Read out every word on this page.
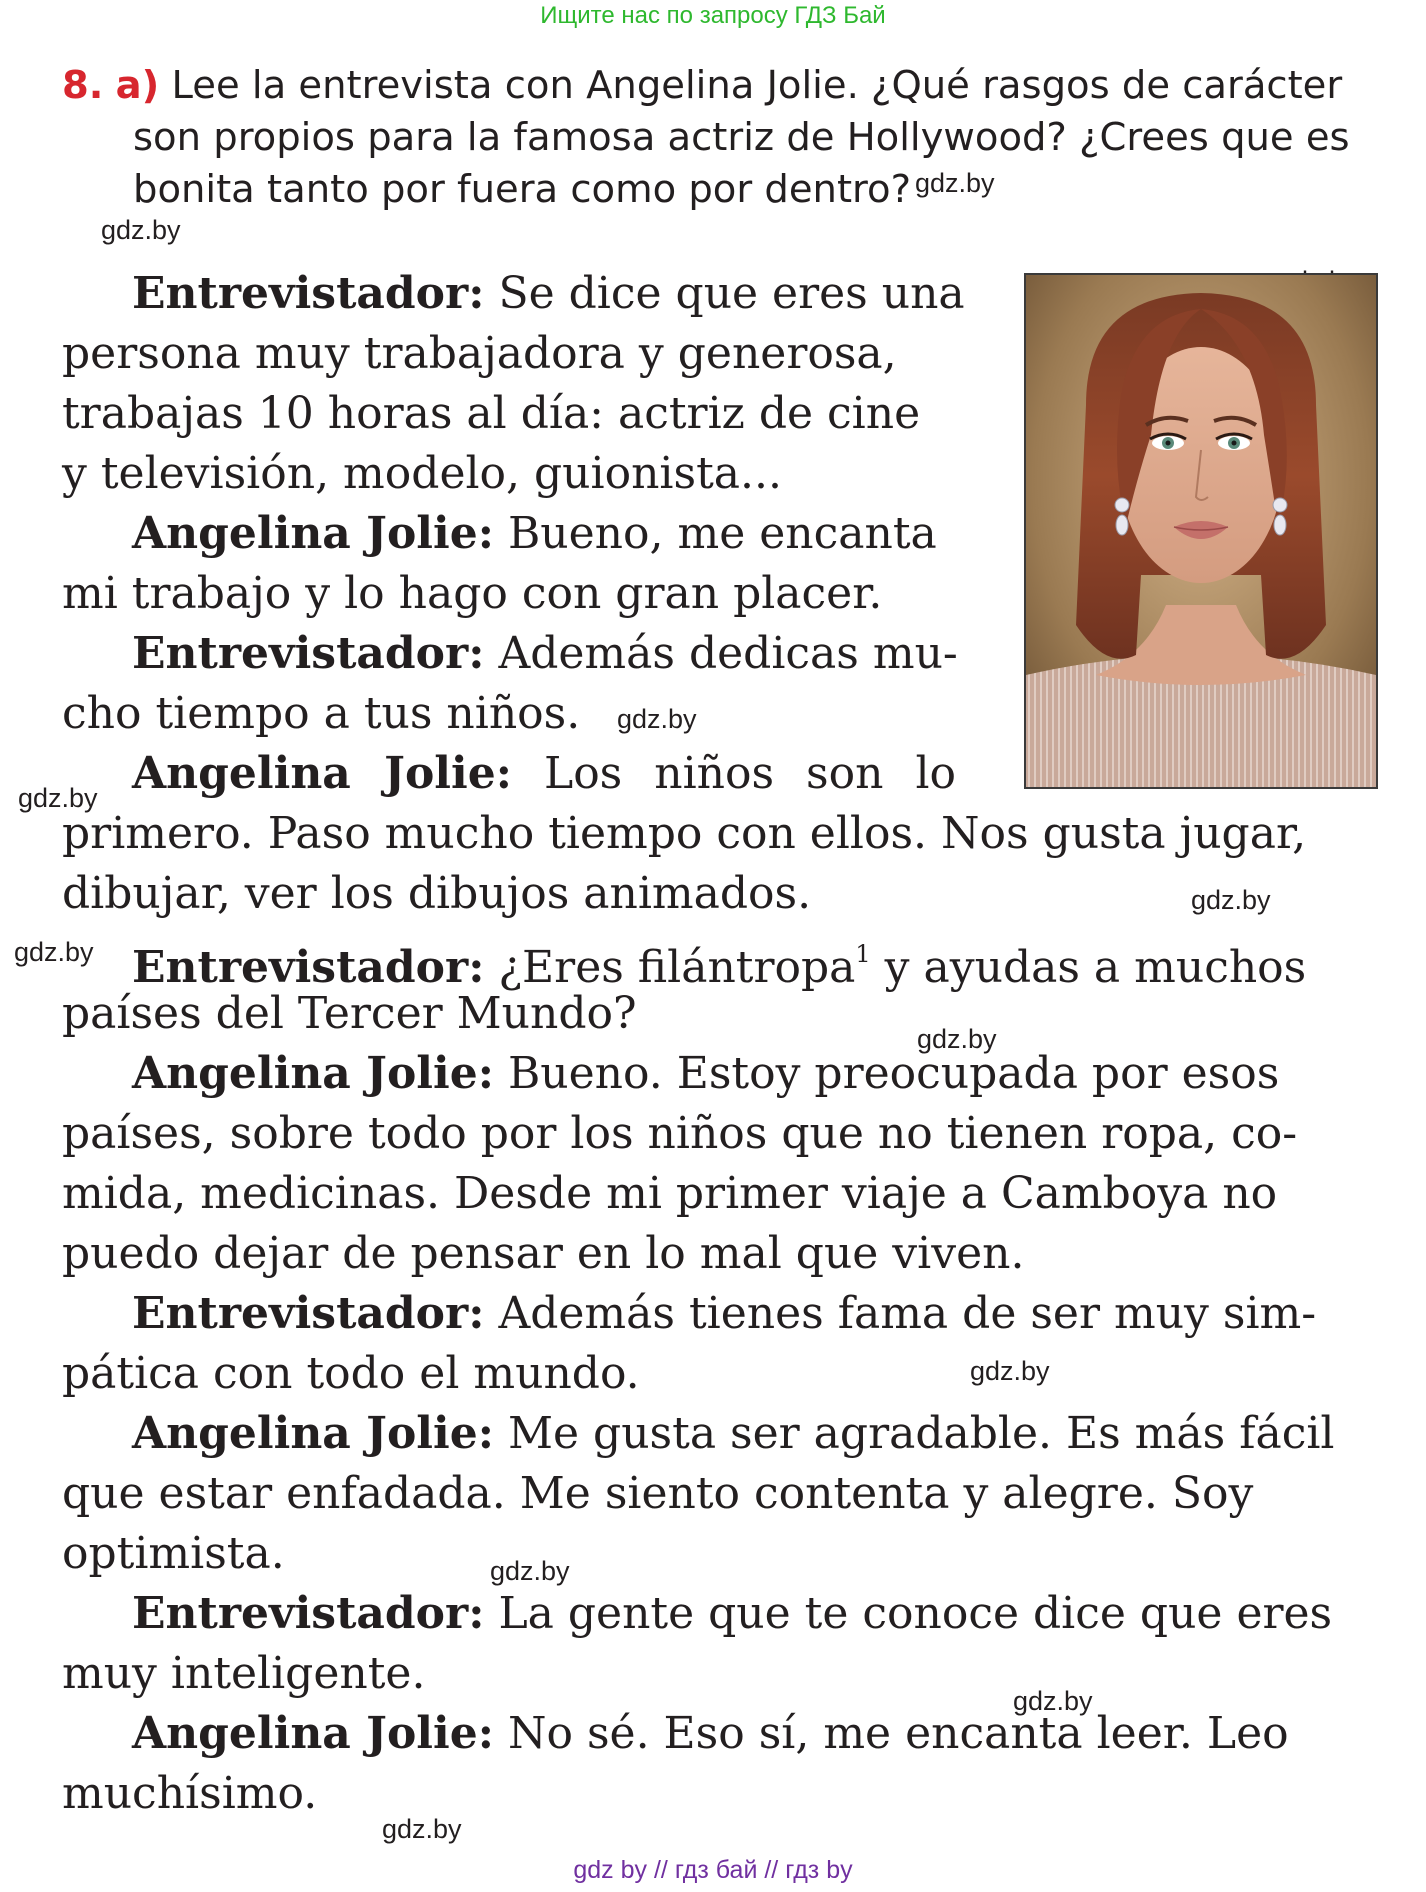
Ищите нас по запросу ГДЗ Бай
8. a) Lee la entrevista con Angelina Jolie. ¿Qué rasgos de carácter
son propios para la famosa actriz de Hollywood? ¿Crees que es
bonita tanto por fuera como por dentro? gdz.by
gdz.by
gdz.by
gdz.by
gdz.by
gdz.by
gdz.by
gdz.by
gdz.by
gdz.by
gdz.by
Entrevistador: Se dice que eres una
persona muy trabajadora y generosa,
trabajas 10 horas al día: actriz de cine
y televisión, modelo, guionista...
Angelina Jolie: Bueno, me encanta
mi trabajo y lo hago con gran placer.
Entrevistador: Además dedicas mu-
cho tiempo a tus niños.
Angelina Jolie: Los niños son lo
primero. Paso mucho tiempo con ellos. Nos gusta jugar,
dibujar, ver los dibujos animados.
Entrevistador: ¿Eres filántropa$^1$ y ayudas a muchos
países del Tercer Mundo?
Angelina Jolie: Bueno. Estoy preocupada por esos
países, sobre todo por los niños que no tienen ropa, co-
mida, medicinas. Desde mi primer viaje a Camboya no
puedo dejar de pensar en lo mal que viven.
Entrevistador: Además tienes fama de ser muy sim-
pática con todo el mundo.
Angelina Jolie: Me gusta ser agradable. Es más fácil
que estar enfadada. Me siento contenta y alegre. Soy
optimista.
Entrevistador: La gente que te conoce dice que eres
muy inteligente.
Angelina Jolie: No sé. Eso sí, me encanta leer. Leo
muchísimo.
gdz by // гдз бай // гдз by
